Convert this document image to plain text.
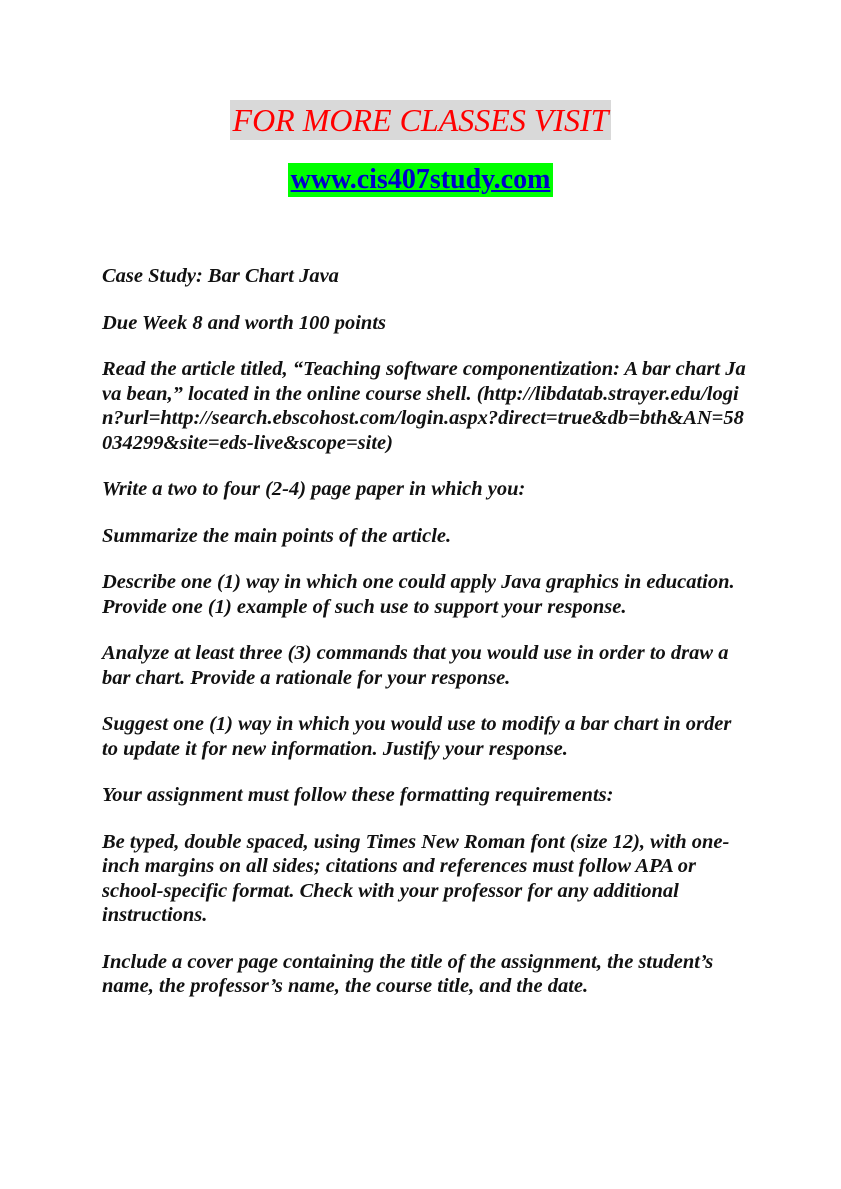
FOR MORE CLASSES VISIT
www.cis407study.com

Case Study: Bar Chart Java

Due Week 8 and worth 100 points

Read the article titled, “Teaching software componentization: A bar chart Java bean,” located in the online course shell. (http://libdatab.strayer.edu/login?url=http://search.ebscohost.com/login.aspx?direct=true&db=bth&AN=58034299&site=eds-live&scope=site)

Write a two to four (2-4) page paper in which you:

Summarize the main points of the article.

Describe one (1) way in which one could apply Java graphics in education. Provide one (1) example of such use to support your response.

Analyze at least three (3) commands that you would use in order to draw a bar chart. Provide a rationale for your response.

Suggest one (1) way in which you would use to modify a bar chart in order to update it for new information. Justify your response.

Your assignment must follow these formatting requirements:

Be typed, double spaced, using Times New Roman font (size 12), with one-inch margins on all sides; citations and references must follow APA or school-specific format. Check with your professor for any additional instructions.

Include a cover page containing the title of the assignment, the student’s name, the professor’s name, the course title, and the date.
